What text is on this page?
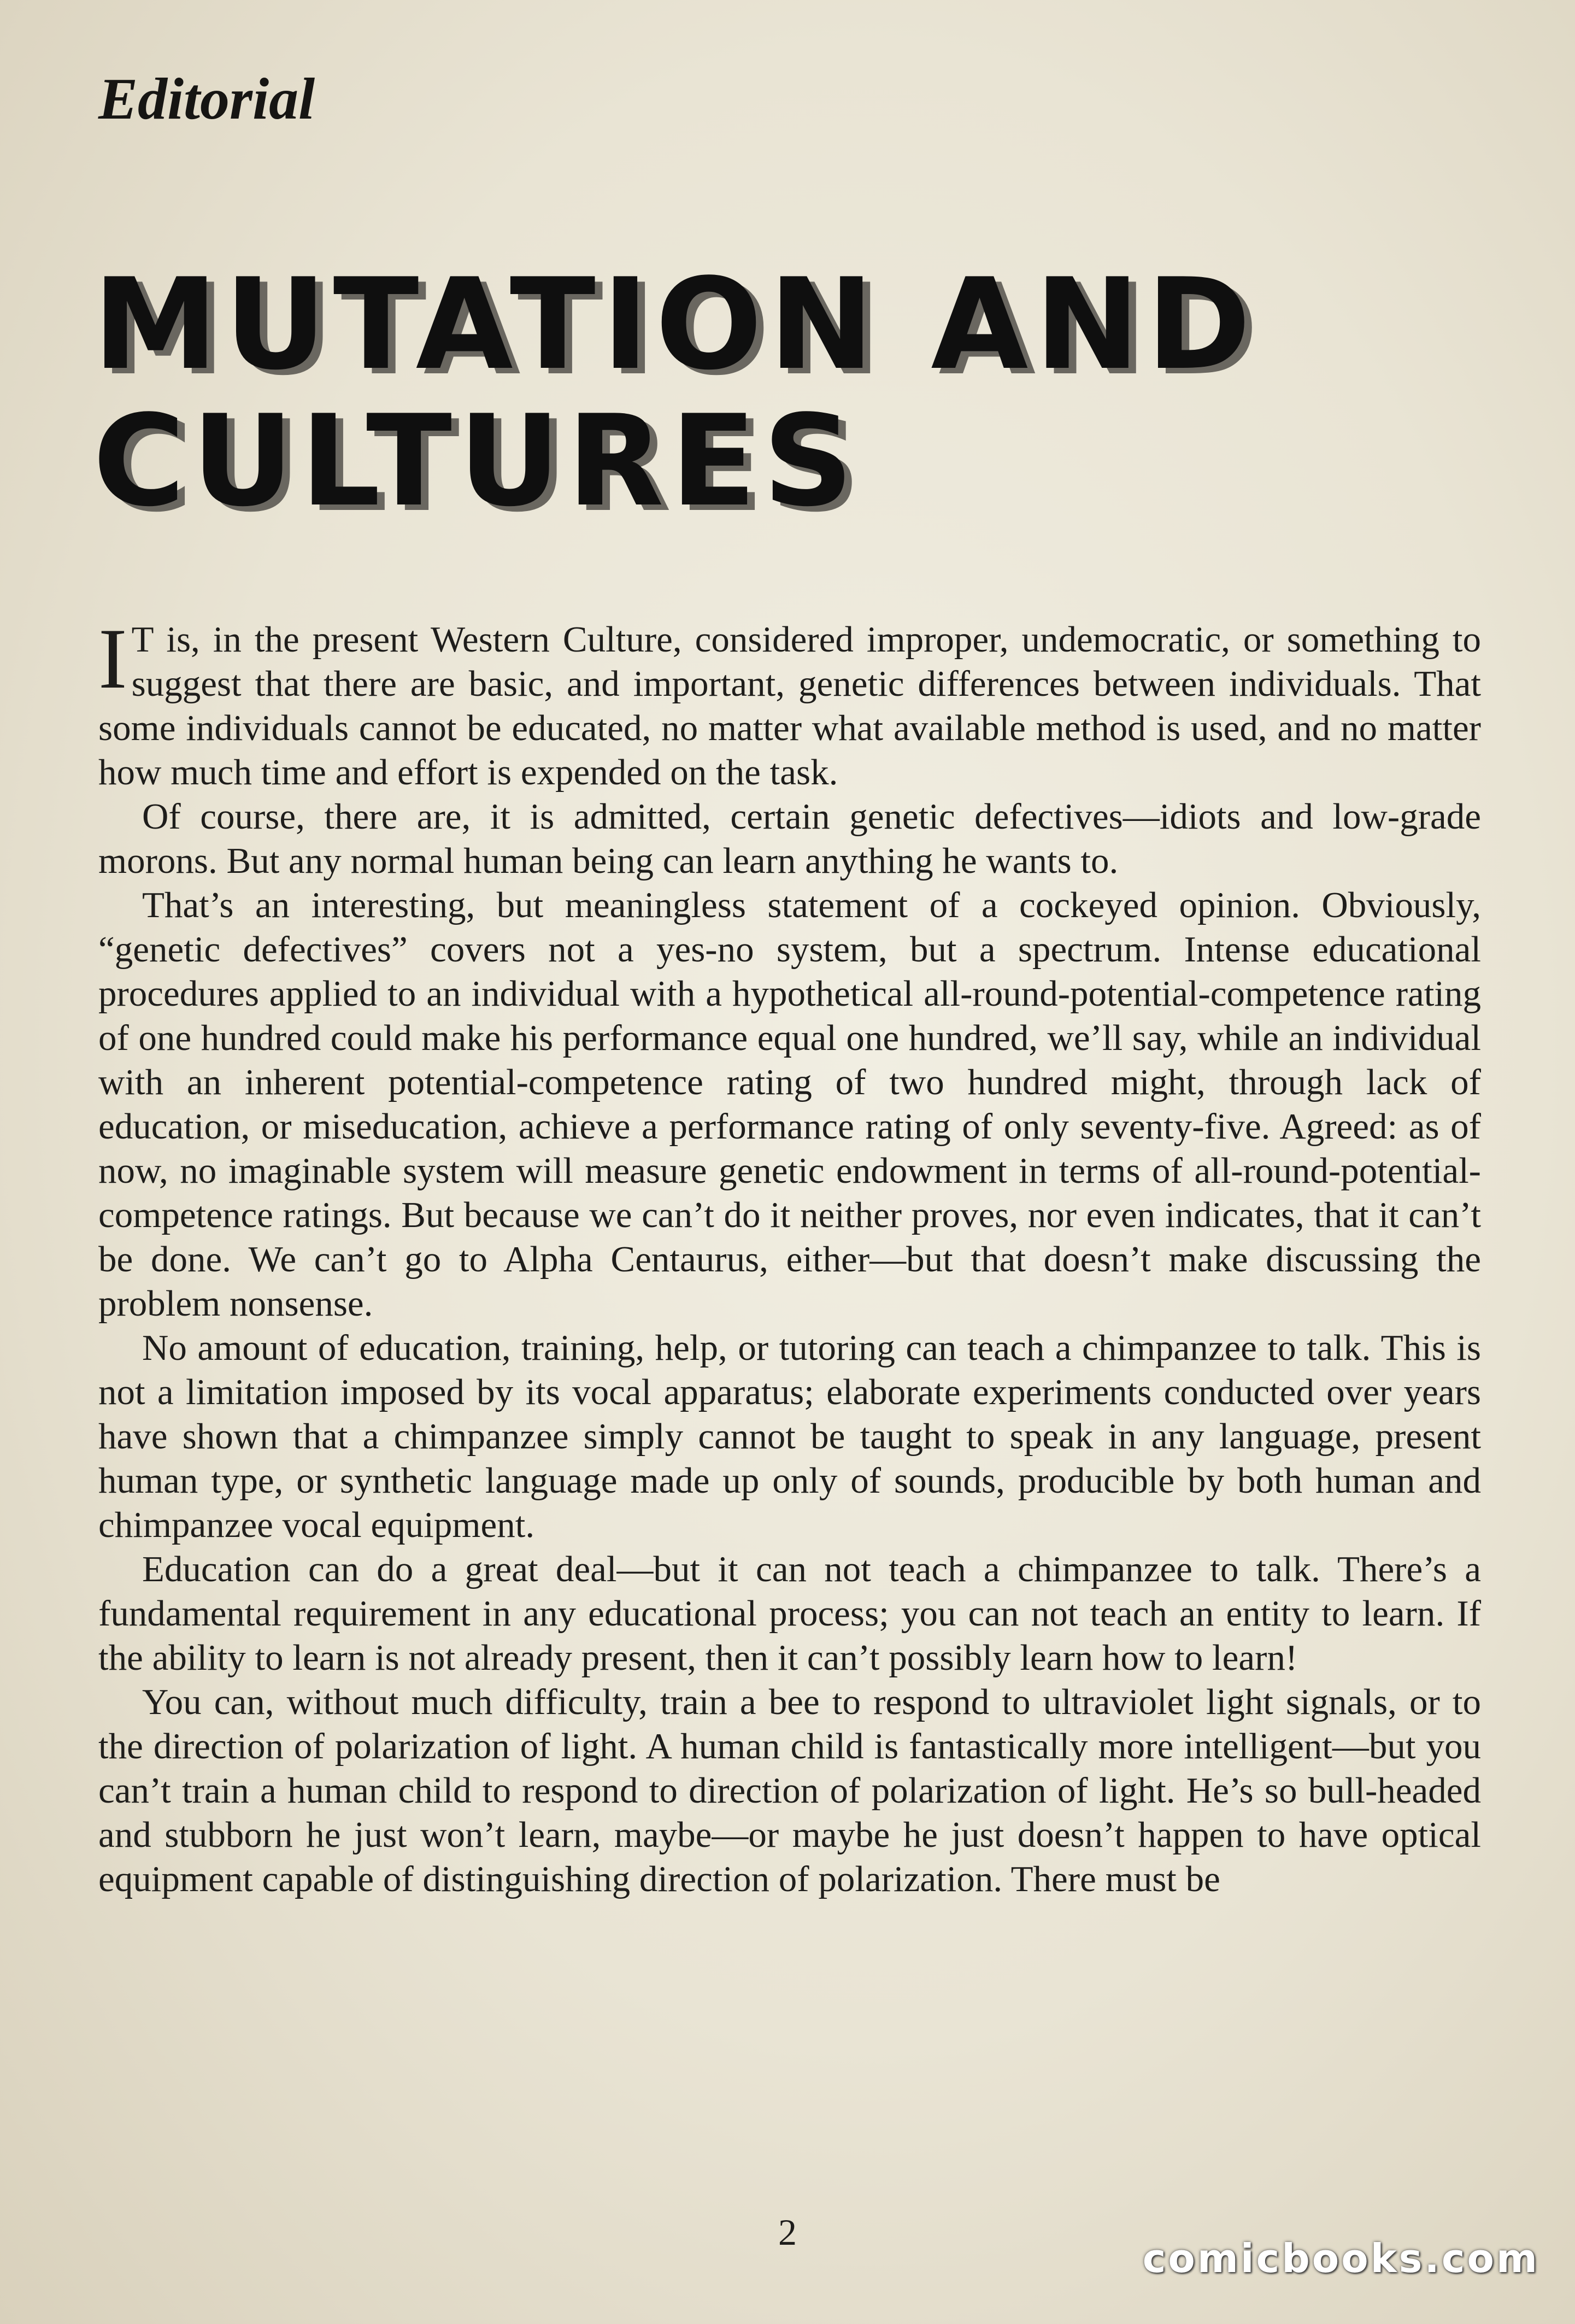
Editorial
MUTATION AND CULTURES

I T is, in the present Western Culture, considered improper, undemocratic, or something to suggest that there are basic, and important, genetic differences between individuals. That some individuals cannot be educated, no matter what available method is used, and no matter how much time and effort is expended on the task.

Of course, there are, it is admitted, certain genetic defectives—idiots and low-grade morons. But any normal human being can learn anything he wants to.

That’s an interesting, but meaningless statement of a cockeyed opinion. Obviously, “genetic defectives” covers not a yes-no system, but a spectrum. Intense educational procedures applied to an individual with a hypothetical all-round-potential-competence rating of one hundred could make his performance equal one hundred, we’ll say, while an individual with an inherent potential-competence rating of two hundred might, through lack of education, or miseducation, achieve a performance rating of only seventy-five. Agreed: as of now, no imaginable system will measure genetic endowment in terms of all-round-potential-competence ratings. But because we can’t do it neither proves, nor even indicates, that it can’t be done. We can’t go to Alpha Centaurus, either—but that doesn’t make discussing the problem nonsense.

No amount of education, training, help, or tutoring can teach a chimpanzee to talk. This is not a limitation imposed by its vocal apparatus; elaborate experiments conducted over years have shown that a chimpanzee simply cannot be taught to speak in any language, present human type, or synthetic language made up only of sounds, producible by both human and chimpanzee vocal equipment.

Education can do a great deal—but it can not teach a chimpanzee to talk. There’s a fundamental requirement in any educational process; you can not teach an entity to learn. If the ability to learn is not already present, then it can’t possibly learn how to learn!

You can, without much difficulty, train a bee to respond to ultraviolet light signals, or to the direction of polarization of light. A human child is fantastically more intelligent—but you can’t train a human child to respond to direction of polarization of light. He’s so bull-headed and stubborn he just won’t learn, maybe—or maybe he just doesn’t happen to have optical equipment capable of distinguishing direction of polarization. There must be

2
comicbooks.com
